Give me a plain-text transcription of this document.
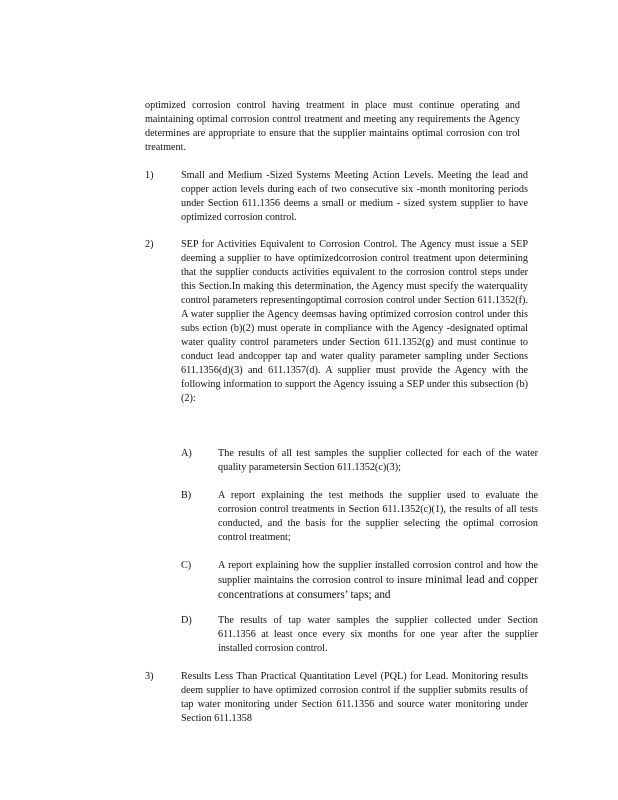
optimized corrosion control having treatment in place must continue operating and maintaining optimal corrosion control treatment and meeting any requirements the Agency determines are appropriate to ensure that the supplier maintains optimal corrosion con trol treatment.
1)	Small and Medium -Sized Systems Meeting Action Levels. Meeting the lead and copper action levels during each of two consecutive six -month monitoring periods under Section 611.1356 deems a small or medium - sized system supplier to have optimized corrosion control.
2)	SEP for Activities Equivalent to Corrosion Control. The Agency must issue a SEP deeming a supplier to have optimizedcorrosion control treatment upon determining that the supplier conducts activities equivalent to the corrosion control steps under this Section.In making this determination, the Agency must specify the waterquality control parameters representingoptimal corrosion control under Section 611.1352(f). A water supplier the Agency deemsas having optimized corrosion control under this subs ection (b)(2) must operate in compliance with the Agency -designated optimal water quality control parameters under Section 611.1352(g) and must continue to conduct lead andcopper tap and water quality parameter sampling under Sections 611.1356(d)(3) and 611.1357(d). A supplier must provide the Agency with the following information to support the Agency issuing a SEP under this subsection (b)(2):
A)	The results of all test samples the supplier collected for each of the water quality parametersin Section 611.1352(c)(3);
B)	A report explaining the test methods the supplier used to evaluate the corrosion control treatments in Section 611.1352(c)(1), the results of all tests conducted, and the basis for the supplier selecting the optimal corrosion control treatment;
C)	A report explaining how the supplier installed corrosion control and how the supplier maintains the corrosion control to insure minimal lead and copper concentrations at consumers’ taps; and
D)	The results of tap water samples the supplier collected under Section 611.1356 at least once every six months for one year after the supplier installed corrosion control.
3)	Results Less Than Practical Quantitation Level (PQL) for Lead. Monitoring results deem supplier to have optimized corrosion control if the supplier submits results of tap water monitoring under Section 611.1356 and source water monitoring under Section 611.1358
